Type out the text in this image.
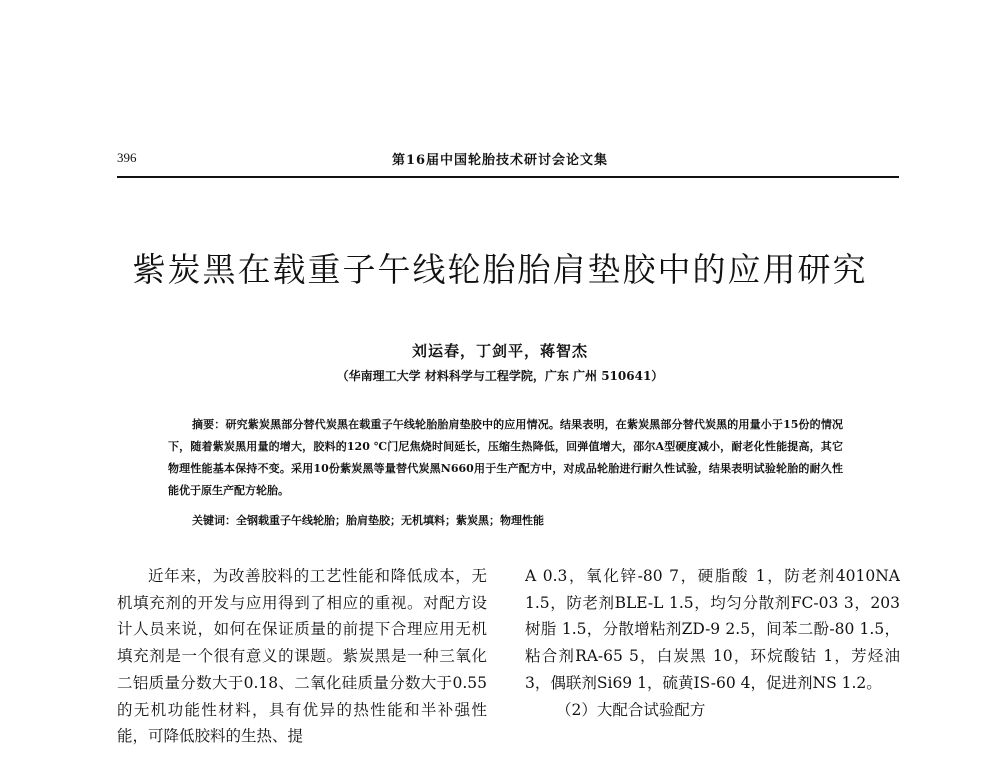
396	第16届中国轮胎技术研讨会论文集
紫炭黑在载重子午线轮胎胎肩垫胶中的应用研究
刘运春，丁剑平，蒋智杰
（华南理工大学 材料科学与工程学院，广东 广州 510641）
摘要：研究紫炭黑部分替代炭黑在载重子午线轮胎胎肩垫胶中的应用情况。结果表明，在紫炭黑部分替代炭黑的用量小于15份的情况下，随着紫炭黑用量的增大，胶料的120 ℃门尼焦烧时间延长，压缩生热降低，回弹值增大，邵尔A型硬度减小，耐老化性能提高，其它物理性能基本保持不变。采用10份紫炭黑等量替代炭黑N660用于生产配方中，对成品轮胎进行耐久性试验，结果表明试验轮胎的耐久性能优于原生产配方轮胎。
关键词：全钢载重子午线轮胎；胎肩垫胶；无机填料；紫炭黑；物理性能

近年来，为改善胶料的工艺性能和降低成本，无机填充剂的开发与应用得到了相应的重视。对配方设计人员来说，如何在保证质量的前提下合理应用无机填充剂是一个很有意义的课题。紫炭黑是一种三氧化二铝质量分数大于0.18、二氧化硅质量分数大于0.55的无机功能性材料，具有优异的热性能和半补强性能，可降低胶料的生热、提

A 0.3，氧化锌-80 7，硬脂酸 1，防老剂4010NA 1.5，防老剂BLE-L 1.5，均匀分散剂FC-03 3，203树脂 1.5，分散增粘剂ZD-9 2.5，间苯二酚-80 1.5，粘合剂RA-65 5，白炭黑 10，环烷酸钴 1，芳烃油 3，偶联剂Si69 1，硫黄IS-60 4，促进剂NS 1.2。

（2）大配合试验配方
